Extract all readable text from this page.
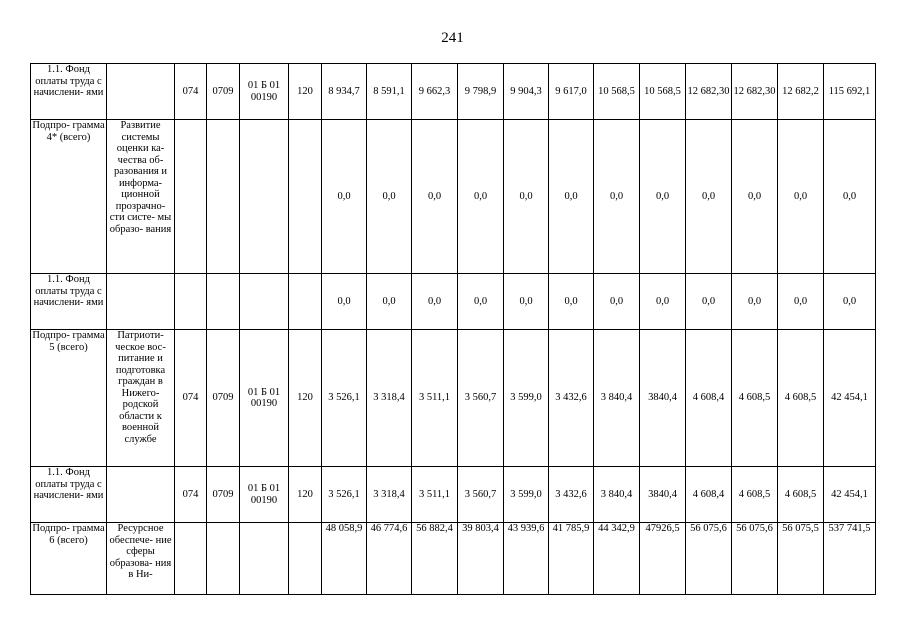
241
1.1. Фонд оплаты труда с начислени- ями		074	0709	01 Б 01 00190	120	8 934,7	8 591,1	9 662,3	9 798,9	9 904,3	9 617,0	10 568,5	10 568,5	12 682,30	12 682,30	12 682,2	115 692,1
Подпро- грамма 4* (всего)	Развитие системы оценки ка- чества об- разования и информа- ционной прозрачно- сти систе- мы образо- вания					0,0	0,0	0,0	0,0	0,0	0,0	0,0	0,0	0,0	0,0	0,0	0,0
1.1. Фонд оплаты труда с начислени- ями						0,0	0,0	0,0	0,0	0,0	0,0	0,0	0,0	0,0	0,0	0,0	0,0
Подпро- грамма 5 (всего)	Патриоти- ческое вос- питание и подготовка граждан в Нижего- родской области к военной службе	074	0709	01 Б 01 00190	120	3 526,1	3 318,4	3 511,1	3 560,7	3 599,0	3 432,6	3 840,4	3840,4	4 608,4	4 608,5	4 608,5	42 454,1
1.1. Фонд оплаты труда с начислени- ями		074	0709	01 Б 01 00190	120	3 526,1	3 318,4	3 511,1	3 560,7	3 599,0	3 432,6	3 840,4	3840,4	4 608,4	4 608,5	4 608,5	42 454,1
Подпро- грамма 6 (всего)	Ресурсное обеспече- ние сферы образова- ния в Ни-					48 058,9	46 774,6	56 882,4	39 803,4	43 939,6	41 785,9	44 342,9	47926,5	56 075,6	56 075,6	56 075,5	537 741,5
